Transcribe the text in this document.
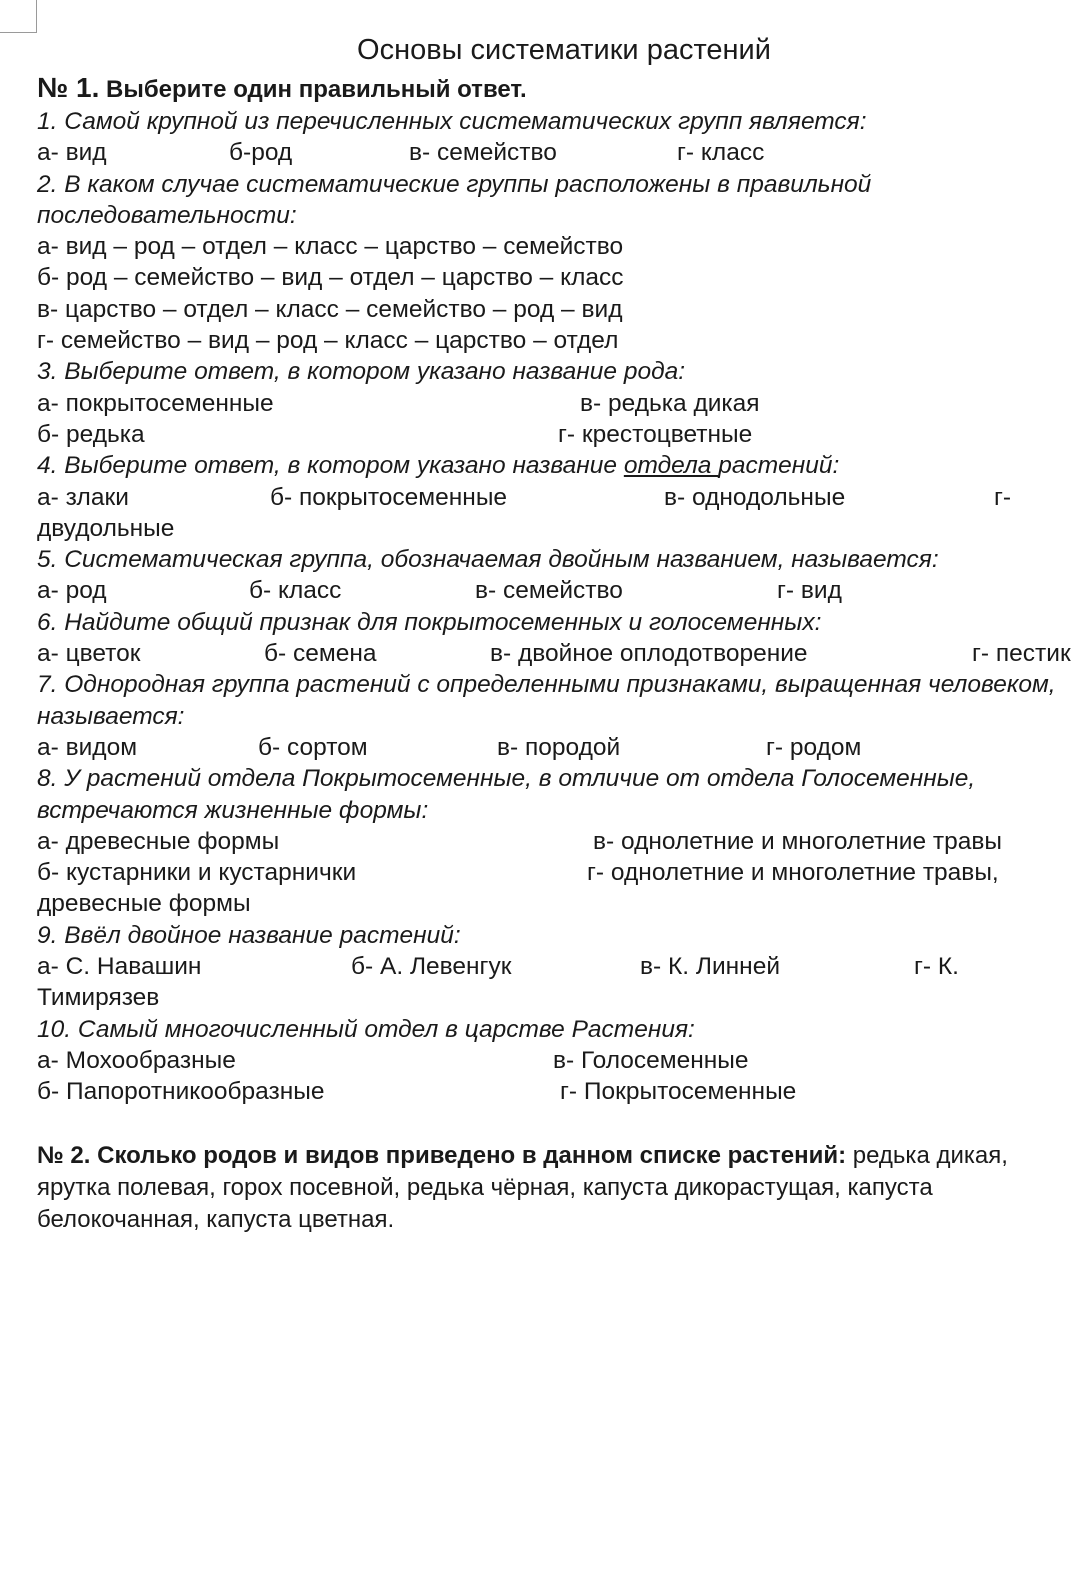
Основы систематики растений
№ 1. Выберите один правильный ответ.
1. Самой крупной из перечисленных систематических групп является:
а- вид	б-род	в- семейство	г- класс
2. В каком случае систематические группы расположены в правильной последовательности:
а- вид – род – отдел – класс – царство – семейство
б- род – семейство – вид – отдел – царство – класс
в- царство – отдел – класс – семейство – род – вид
г- семейство – вид – род – класс – царство – отдел
3. Выберите ответ, в котором указано название рода:
а- покрытосеменные	в- редька дикая
б- редька	г- крестоцветные
4. Выберите ответ, в котором указано название отдела растений:
а- злаки	б- покрытосеменные	в- однодольные	г-
двудольные
5. Систематическая группа, обозначаемая двойным названием, называется:
а- род	б- класс	в- семейство	г- вид
6. Найдите общий признак для покрытосеменных и голосеменных:
а- цветок	б- семена	в- двойное оплодотворение	г- пестик
7. Однородная группа растений с определенными признаками, выращенная человеком, называется:
а- видом	б- сортом	в- породой	г- родом
8. У растений отдела Покрытосеменные, в отличие от отдела Голосеменные, встречаются жизненные формы:
а- древесные формы	в- однолетние и многолетние травы
б- кустарники и кустарнички	г- однолетние и многолетние травы,
древесные формы
9. Ввёл двойное название растений:
а- С. Навашин	б- А. Левенгук	в- К. Линней	г- К.
Тимирязев
10. Самый многочисленный отдел в царстве Растения:
а- Мохообразные	в- Голосеменные
б- Папоротникообразные	г- Покрытосеменные
№ 2. Сколько родов и видов приведено в данном списке растений: редька дикая, ярутка полевая, горох посевной, редька чёрная, капуста дикорастущая, капуста белокочанная, капуста цветная.
